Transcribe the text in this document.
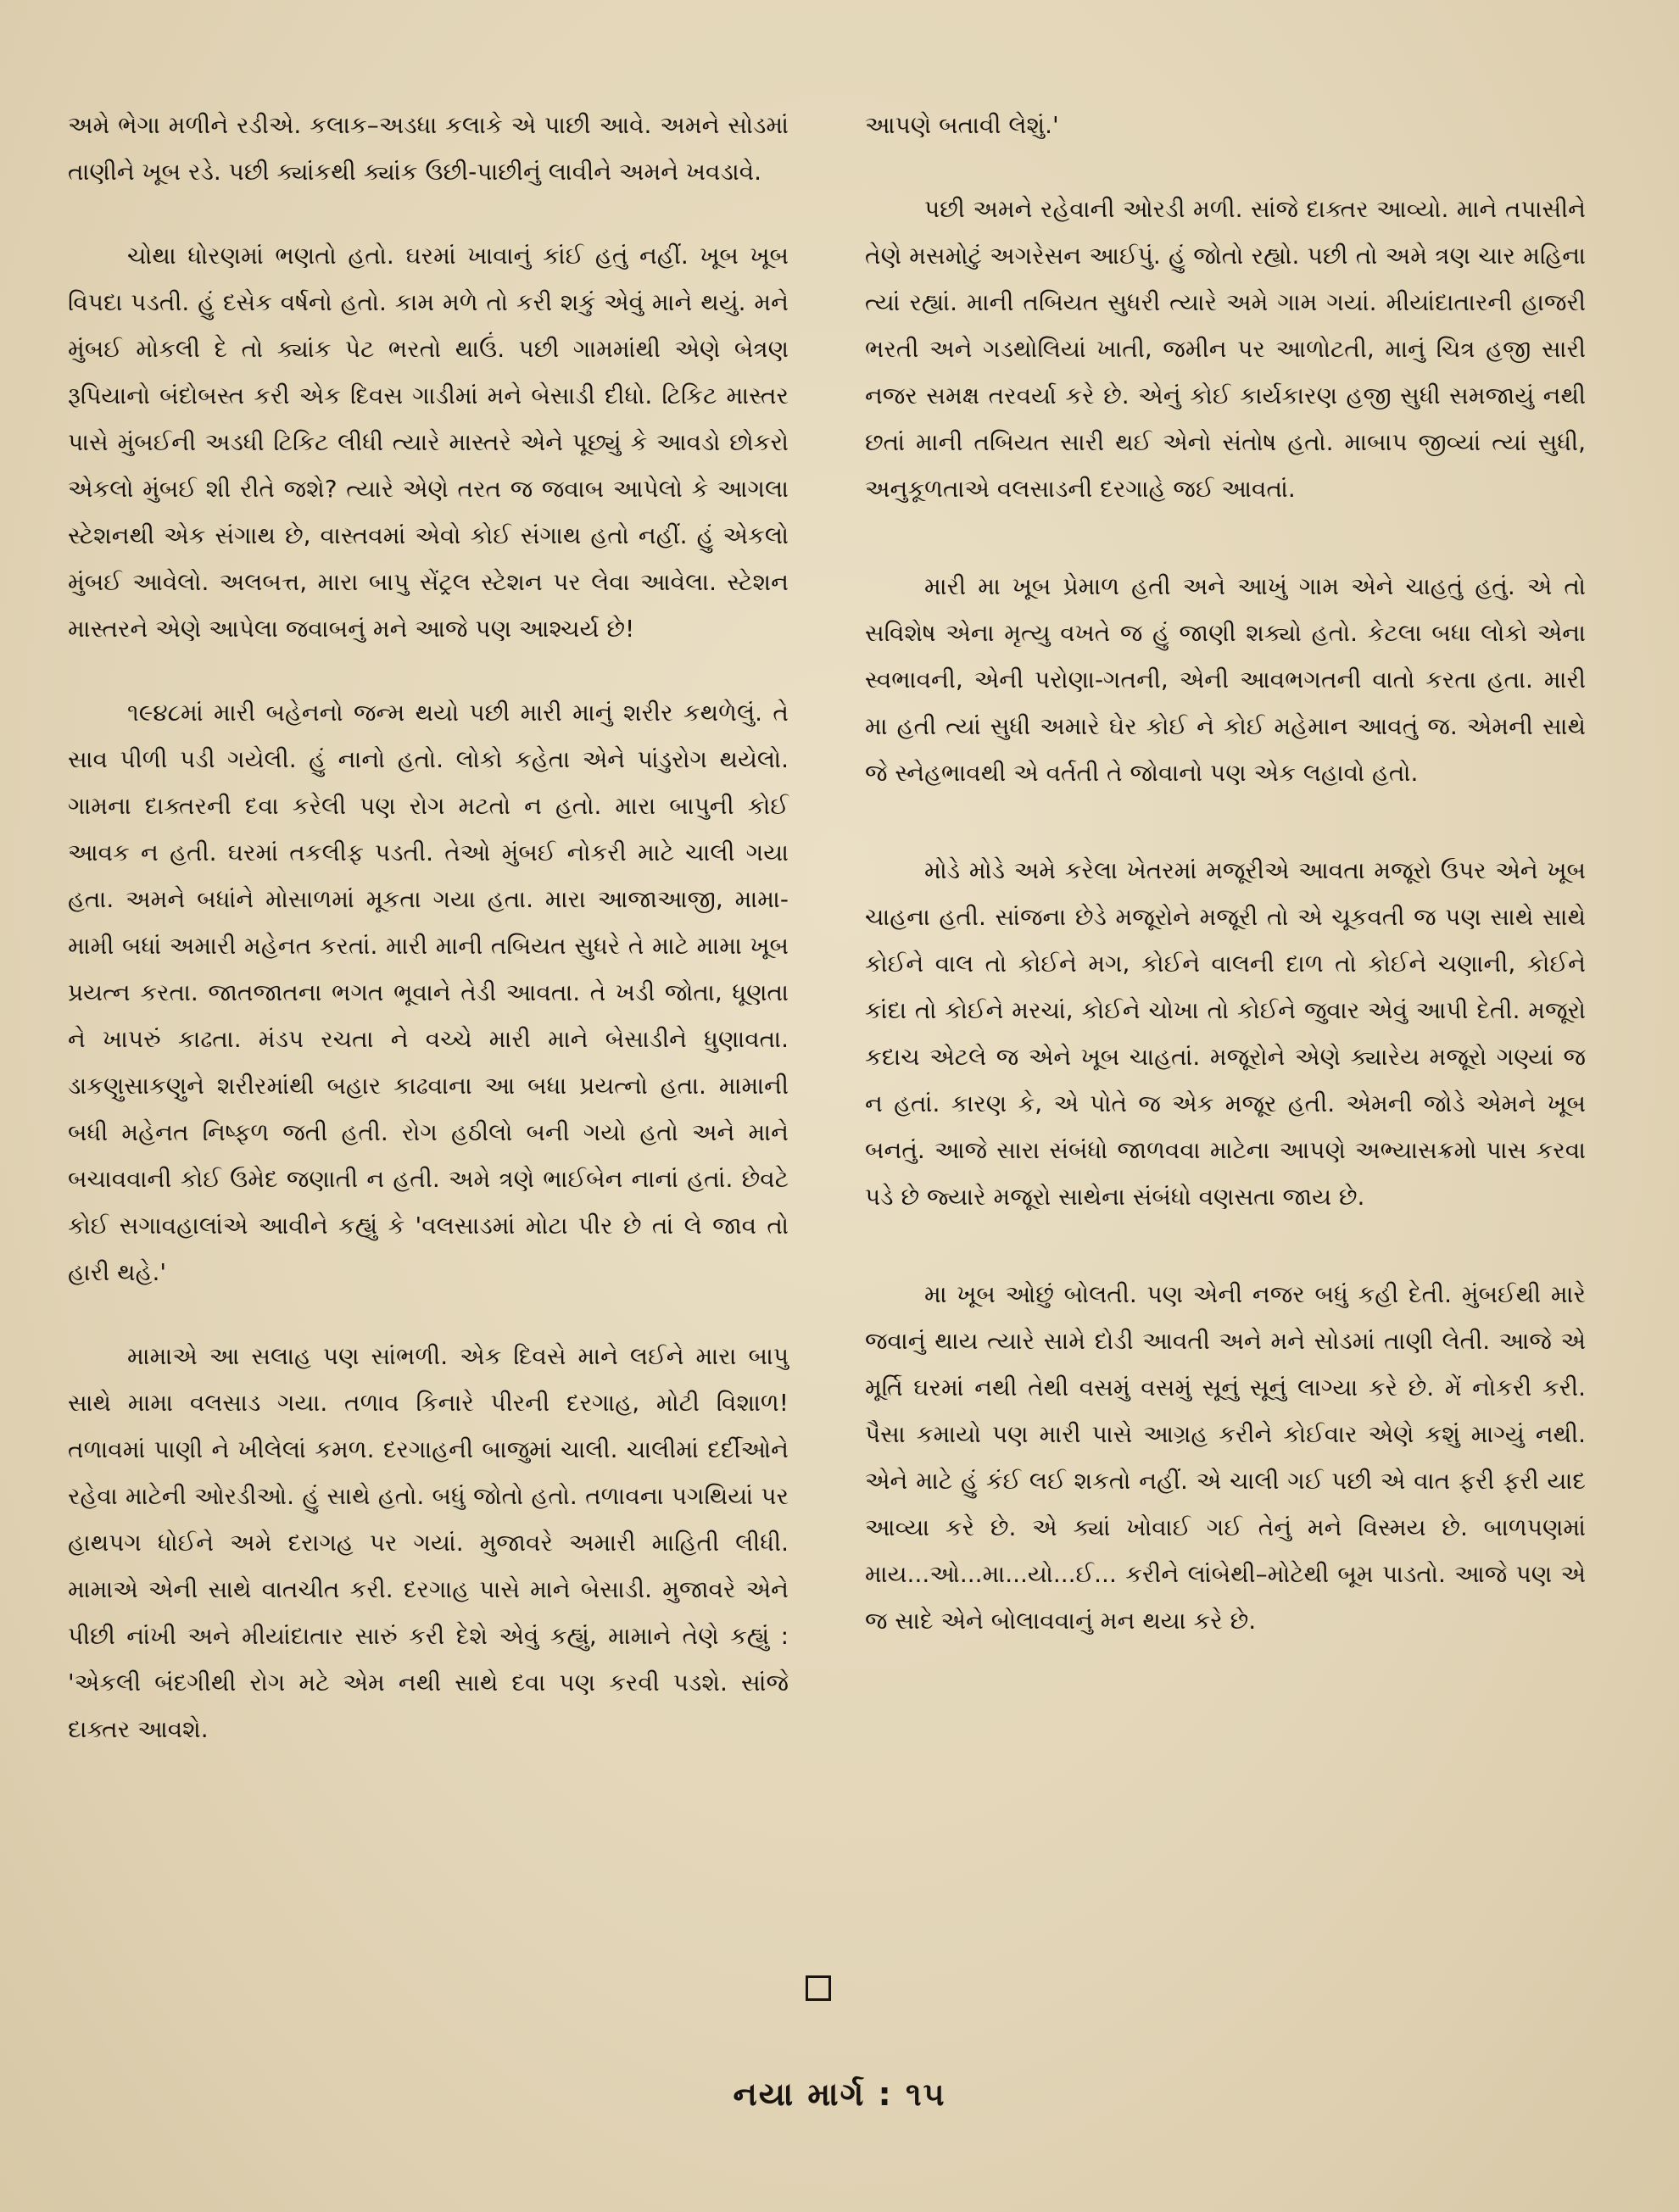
અમે ભેગા મળીને રડીએ. કલાક–અડધા કલાકે એ પાછી આવે. અમને સોડમાં તાણીને ખૂબ રડે. પછી ક્યાંકથી ક્યાંક ઉછી-પાછીનું લાવીને અમને ખવડાવે.

ચોથા ધોરણમાં ભણતો હતો. ઘરમાં ખાવાનું કાંઈ હતું નહીં. ખૂબ ખૂબ વિપદા પડતી. હું દસેક વર્ષનો હતો. કામ મળે તો કરી શકું એવું માને થયું. મને મુંબઈ મોકલી દે તો ક્યાંક પેટ ભરતો થાઉં. પછી ગામમાંથી એણે બેત્રણ રૂપિયાનો બંદોબસ્ત કરી એક દિવસ ગાડીમાં મને બેસાડી દીધો. ટિકિટ માસ્તર પાસે મુંબઈની અડધી ટિકિટ લીધી ત્યારે માસ્તરે એને પૂછ્યું કે આવડો છોકરો એકલો મુંબઈ શી રીતે જશે? ત્યારે એણે તરત જ જવાબ આપેલો કે આગલા સ્ટેશનથી એક સંગાથ છે, વાસ્તવમાં એવો કોઈ સંગાથ હતો નહીં. હું એકલો મુંબઈ આવેલો. અલબત્ત, મારા બાપુ સેંટ્રલ સ્ટેશન પર લેવા આવેલા. સ્ટેશન માસ્તરને એણે આપેલા જવાબનું મને આજે પણ આશ્ચર્ય છે!

૧૯૪૮માં મારી બહેનનો જન્મ થયો પછી મારી માનું શરીર કથળેલું. તે સાવ પીળી પડી ગયેલી. હું નાનો હતો. લોકો કહેતા એને પાંડુરોગ થયેલો. ગામના દાક્તરની દવા કરેલી પણ રોગ મટતો ન હતો. મારા બાપુની કોઈ આવક ન હતી. ઘરમાં તકલીફ પડતી. તેઓ મુંબઈ નોકરી માટે ચાલી ગયા હતા. અમને બધાંને મોસાળમાં મૂકતા ગયા હતા. મારા આજાઆજી, મામા-મામી બધાં અમારી મહેનત કરતાં. મારી માની તબિયત સુધરે તે માટે મામા ખૂબ પ્રયત્ન કરતા. જાતજાતના ભગત ભૂવાને તેડી આવતા. તે ખડી જોતા, ધૂણતા ને ખાપરું કાઢતા. મંડપ રચતા ને વચ્ચે મારી માને બેસાડીને ધુણાવતા. ડાકણુસાકણુને શરીરમાંથી બહાર કાઢવાના આ બધા પ્રયત્નો હતા. મામાની બધી મહેનત નિષ્ફળ જતી હતી. રોગ હઠીલો બની ગયો હતો અને માને બચાવવાની કોઈ ઉમેદ જણાતી ન હતી. અમે ત્રણે ભાઈબેન નાનાં હતાં. છેવટે કોઈ સગાવહાલાંએ આવીને કહ્યું કે 'વલસાડમાં મોટા પીર છે તાં લે જાવ તો હારી થહે.'

મામાએ આ સલાહ પણ સાંભળી. એક દિવસે માને લઈને મારા બાપુ સાથે મામા વલસાડ ગયા. તળાવ કિનારે પીરની દરગાહ, મોટી વિશાળ! તળાવમાં પાણી ને ખીલેલાં કમળ. દરગાહની બાજુમાં ચાલી. ચાલીમાં દર્દીઓને રહેવા માટેની ઓરડીઓ. હું સાથે હતો. બધું જોતો હતો. તળાવના પગથિયાં પર હાથપગ ધોઈને અમે દરાગહ પર ગયાં. મુજાવરે અમારી માહિતી લીધી. મામાએ એની સાથે વાતચીત કરી. દરગાહ પાસે માને બેસાડી. મુજાવરે એને પીછી નાંખી અને મીયાંદાતાર સારું કરી દેશે એવું કહ્યું, મામાને તેણે કહ્યું : 'એકલી બંદગીથી રોગ મટે એમ નથી સાથે દવા પણ કરવી પડશે. સાંજે દાક્તર આવશે.

આપણે બતાવી લેશું.'

પછી અમને રહેવાની ઓરડી મળી. સાંજે દાક્તર આવ્યો. માને તપાસીને તેણે મસમોટું અગરેસન આઈપું. હું જોતો રહ્યો. પછી તો અમે ત્રણ ચાર મહિના ત્યાં રહ્યાં. માની તબિયત સુધરી ત્યારે અમે ગામ ગયાં. મીયાંદાતારની હાજરી ભરતી અને ગડથોલિયાં ખાતી, જમીન પર આળોટતી, માનું ચિત્ર હજી સારી નજર સમક્ષ તરવર્યા કરે છે. એનું કોઈ કાર્યકારણ હજી સુધી સમજાયું નથી છતાં માની તબિયત સારી થઈ એનો સંતોષ હતો. માબાપ જીવ્યાં ત્યાં સુધી, અનુકૂળતાએ વલસાડની દરગાહે જઈ આવતાં.

મારી મા ખૂબ પ્રેમાળ હતી અને આખું ગામ એને ચાહતું હતું. એ તો સવિશેષ એના મૃત્યુ વખતે જ હું જાણી શક્યો હતો. કેટલા બધા લોકો એના સ્વભાવની, એની પરોણા-ગતની, એની આવભગતની વાતો કરતા હતા. મારી મા હતી ત્યાં સુધી અમારે ઘેર કોઈ ને કોઈ મહેમાન આવતું જ. એમની સાથે જે સ્નેહભાવથી એ વર્તતી તે જોવાનો પણ એક લહાવો હતો.

મોડે મોડે અમે કરેલા ખેતરમાં મજૂરીએ આવતા મજૂરો ઉપર એને ખૂબ ચાહના હતી. સાંજના છેડે મજૂરોને મજૂરી તો એ ચૂકવતી જ પણ સાથે સાથે કોઈને વાલ તો કોઈને મગ, કોઈને વાલની દાળ તો કોઈને ચણાની, કોઈને કાંદા તો કોઈને મરચાં, કોઈને ચોખા તો કોઈને જુવાર એવું આપી દેતી. મજૂરો કદાચ એટલે જ એને ખૂબ ચાહતાં. મજૂરોને એણે ક્યારેય મજૂરો ગણ્યાં જ ન હતાં. કારણ કે, એ પોતે જ એક મજૂર હતી. એમની જોડે એમને ખૂબ બનતું. આજે સારા સંબંધો જાળવવા માટેના આપણે અભ્યાસક્રમો પાસ કરવા પડે છે જ્યારે મજૂરો સાથેના સંબંધો વણસતા જાય છે.

મા ખૂબ ઓછું બોલતી. પણ એની નજર બધું કહી દેતી. મુંબઈથી મારે જવાનું થાય ત્યારે સામે દોડી આવતી અને મને સોડમાં તાણી લેતી. આજે એ મૂર્તિ ઘરમાં નથી તેથી વસમું વસમું સૂનું સૂનું લાગ્યા કરે છે. મેં નોકરી કરી. પૈસા કમાયો પણ મારી પાસે આગ્રહ કરીને કોઈવાર એણે કશું માગ્યું નથી. એને માટે હું કંઈ લઈ શકતો નહીં. એ ચાલી ગઈ પછી એ વાત ફરી ફરી યાદ આવ્યા કરે છે. એ ક્યાં ખોવાઈ ગઈ તેનું મને વિસ્મય છે. બાળપણમાં માય...ઓ...મા...યો...ઈ... કરીને લાંબેથી–મોટેથી બૂમ પાડતો. આજે પણ એ જ સાદે એને બોલાવવાનું મન થયા કરે છે.

નયા માર્ગ : ૧૫
